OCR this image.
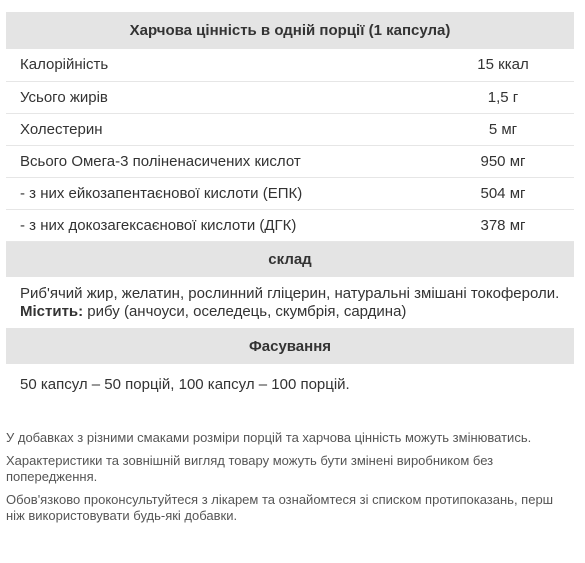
Харчова цінність в одній порції (1 капсула)	
Калорійність	15 ккал
Усього жирів	1,5 г
Холестерин	5 мг
Всього Омега-3 поліненасичених кислот	950 мг
- з них ейкозапентаєнової кислоти (ЕПК)	504 мг
- з них докозагексаєнової кислоти (ДГК)	378 мг
склад	

Риб'ячий жир, желатин, рослинний гліцерин, натуральні змішані токофероли.
Містить: рибу (анчоуси, оселедець, скумбрія, сардина)	

Фасування	
50 капсул – 50 порцій, 100 капсул – 100 порцій.	

У добавках з різними смаками розміри порцій та харчова цінність можуть змінюватись.

Характеристики та зовнішній вигляд товару можуть бути змінені виробником без попередження.

Обов'язково проконсультуйтеся з лікарем та ознайомтеся зі списком протипоказань, перш ніж використовувати будь-які добавки.
